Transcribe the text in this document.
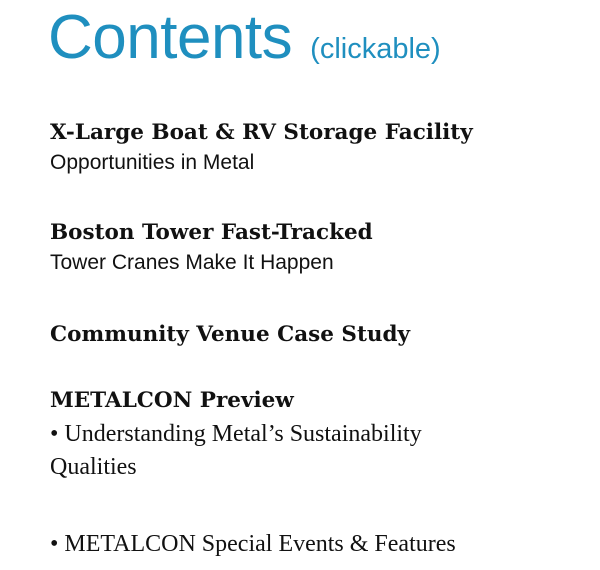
Contents (clickable)
X-Large Boat & RV Storage Facility
Opportunities in Metal
Boston Tower Fast-Tracked
Tower Cranes Make It Happen
Community Venue Case Study
METALCON Preview
• Understanding Metal’s Sustainability
Qualities
• METALCON Special Events & Features
